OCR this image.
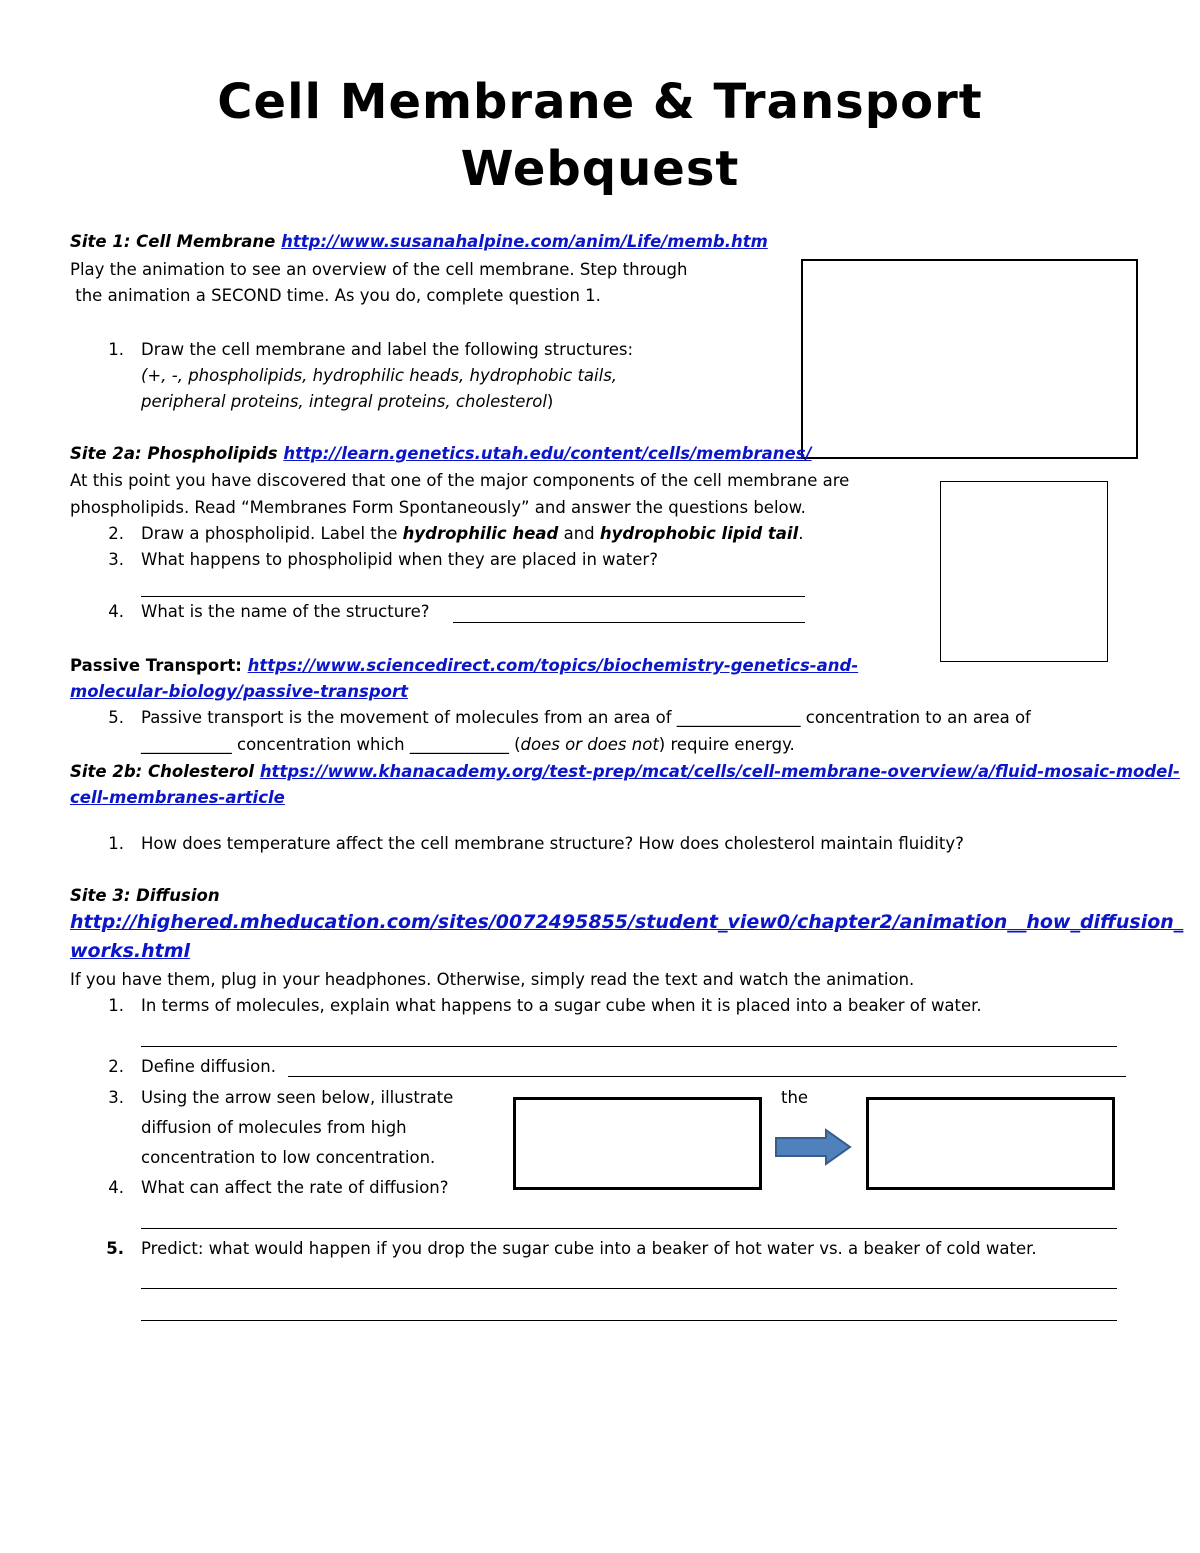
Cell Membrane & Transport
Webquest
Site 1: Cell Membrane http://www.susanahalpine.com/anim/Life/memb.htm
Play the animation to see an overview of the cell membrane. Step through
the animation a SECOND time. As you do, complete question 1.
1. Draw the cell membrane and label the following structures:
(+, -, phospholipids, hydrophilic heads, hydrophobic tails,
peripheral proteins, integral proteins, cholesterol)
Site 2a: Phospholipids http://learn.genetics.utah.edu/content/cells/membranes/
At this point you have discovered that one of the major components of the cell membrane are
phospholipids. Read “Membranes Form Spontaneously” and answer the questions below.
2. Draw a phospholipid. Label the hydrophilic head and hydrophobic lipid tail.
3. What happens to phospholipid when they are placed in water?
4. What is the name of the structure?
Passive Transport: https://www.sciencedirect.com/topics/biochemistry-genetics-and-
molecular-biology/passive-transport
5. Passive transport is the movement of molecules from an area of _______________ concentration to an area of
___________ concentration which ____________ (does or does not) require energy.
Site 2b: Cholesterol https://www.khanacademy.org/test-prep/mcat/cells/cell-membrane-overview/a/fluid-mosaic-model-
cell-membranes-article
1. How does temperature affect the cell membrane structure? How does cholesterol maintain fluidity?
Site 3: Diffusion
http://highered.mheducation.com/sites/0072495855/student_view0/chapter2/animation__how_diffusion_
works.html
If you have them, plug in your headphones. Otherwise, simply read the text and watch the animation.
1. In terms of molecules, explain what happens to a sugar cube when it is placed into a beaker of water.
2. Define diffusion.
3. Using the arrow seen below, illustrate	the
diffusion of molecules from high
concentration to low concentration.
4. What can affect the rate of diffusion?
5. Predict: what would happen if you drop the sugar cube into a beaker of hot water vs. a beaker of cold water.
